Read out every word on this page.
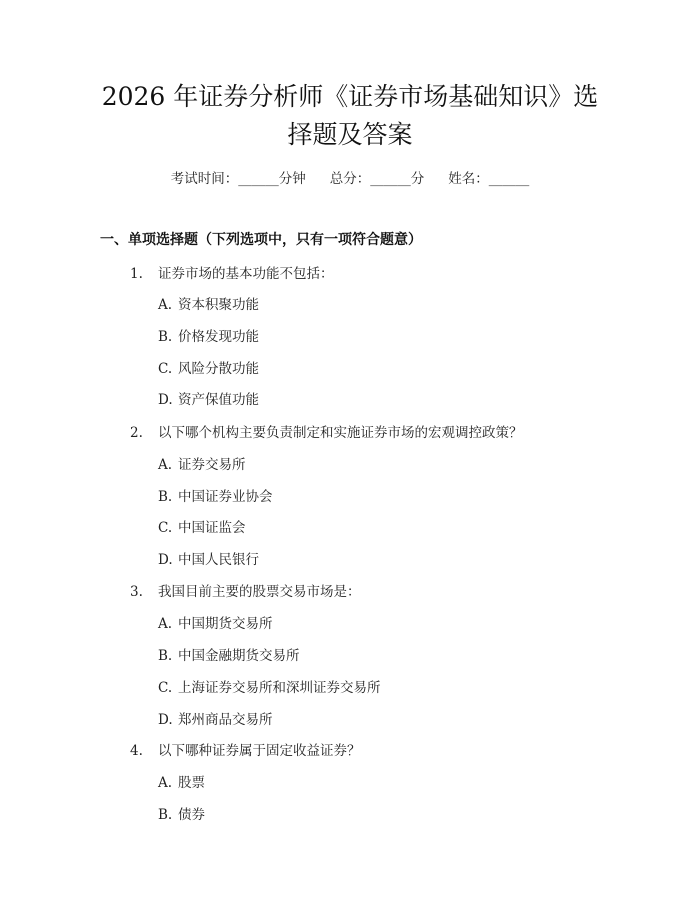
2026 年证券分析师《证券市场基础知识》选
择题及答案
考试时间：______分钟 总分：______分 姓名：______
一、单项选择题（下列选项中，只有一项符合题意）
1. 证券市场的基本功能不包括：
A. 资本积聚功能
B. 价格发现功能
C. 风险分散功能
D. 资产保值功能
2. 以下哪个机构主要负责制定和实施证券市场的宏观调控政策？
A. 证券交易所
B. 中国证券业协会
C. 中国证监会
D. 中国人民银行
3. 我国目前主要的股票交易市场是：
A. 中国期货交易所
B. 中国金融期货交易所
C. 上海证券交易所和深圳证券交易所
D. 郑州商品交易所
4. 以下哪种证券属于固定收益证券？
A. 股票
B. 债券
